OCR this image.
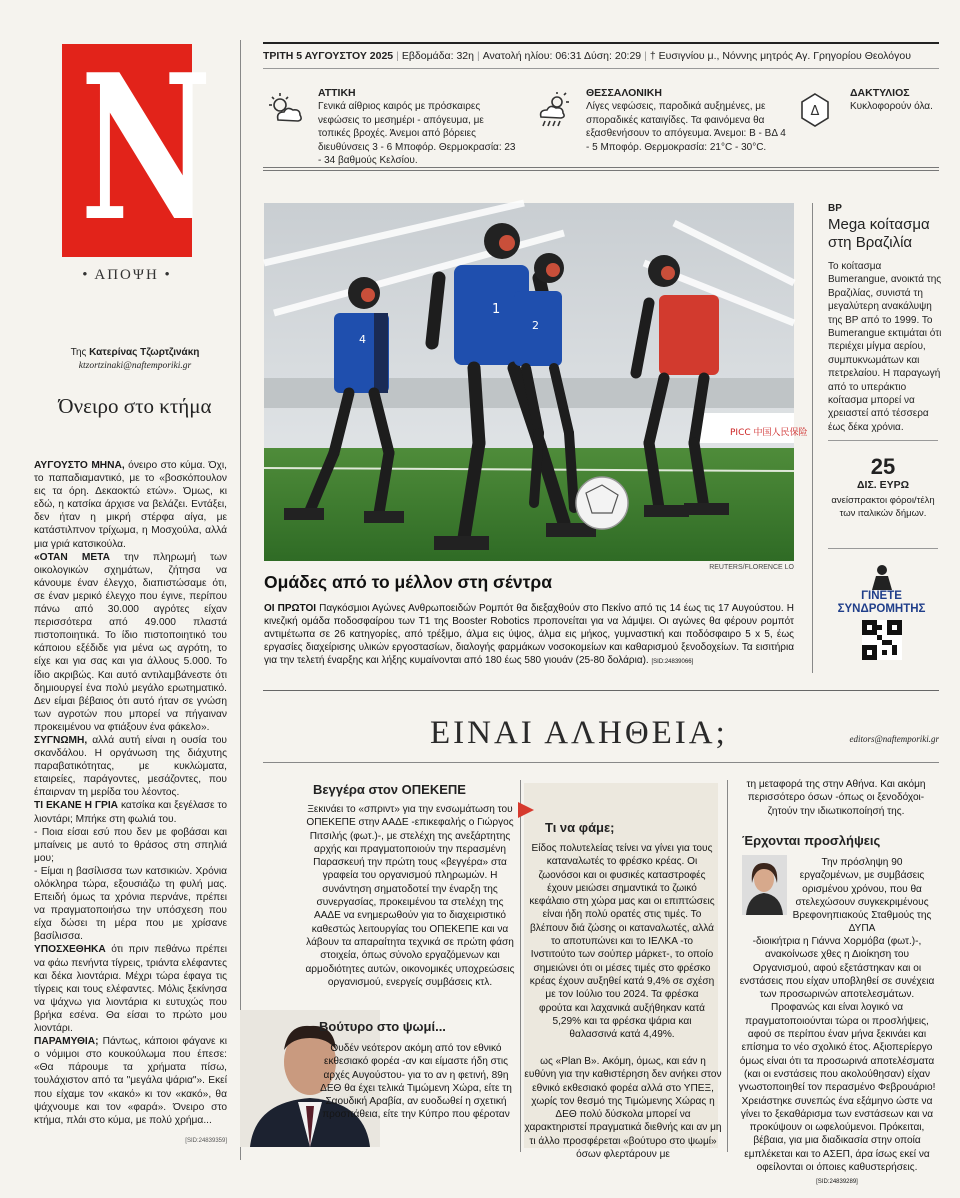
N
• ΑΠΟΨΗ •
Της Κατερίνας Τζωρτζινάκη
ktzortzinaki@naftemporiki.gr
Όνειρο στο κτήμα

ΑΥΓΟΥΣΤΟ ΜΗΝΑ, όνειρο στο κύμα. Όχι, το παπαδιαμαντικό, με το «βοσκόπουλον εις τα όρη. Δεκαοκτώ ετών». Όμως, κι εδώ, η κατσίκα άρχισε να βελάζει. Εντάξει, δεν ήταν η μικρή στέρφα αίγα, με κατάστιλπνον τρίχωμα, η Μοσχούλα, αλλά μια γριά κατσικούλα.

«ΟΤΑΝ ΜΕΤΑ την πληρωμή των οικολογικών σχημάτων, ζήτησα να κάνουμε έναν έλεγχο, διαπιστώσαμε ότι, σε έναν μερικό έλεγχο που έγινε, περίπου πάνω από 30.000 αγρότες είχαν περισσότερα από 49.000 πλαστά πιστοποιητικά. Το ίδιο πιστοποιητικό του κάποιου εξέδιδε για μένα ως αγρότη, το είχε και για σας και για άλλους 5.000. Το ίδιο ακριβώς. Και αυτό αντιλαμβάνεστε ότι δημιουργεί ένα πολύ μεγάλο ερωτηματικό. Δεν είμαι βέβαιος ότι αυτό ήταν σε γνώση των αγροτών που μπορεί να πήγαιναν προκειμένου να φτιάξουν ένα φάκελο».

ΣΥΓΝΩΜΗ, αλλά αυτή είναι η ουσία του σκανδάλου. Η οργάνωση της διάχυτης παραβατικότητας, με κυκλώματα, εταιρείες, παράγοντες, μεσάζοντες, που έπαιρναν τη μερίδα του λέοντος.

ΤΙ ΕΚΑΝΕ Η ΓΡΙΑ κατσίκα και ξεγέλασε το λιοντάρι; Μπήκε στη φωλιά του.

- Ποια είσαι εσύ που δεν με φοβάσαι και μπαίνεις με αυτό το θράσος στη σπηλιά μου;

- Είμαι η βασίλισσα των κατσικιών. Χρόνια ολόκληρα τώρα, εξουσιάζω τη φυλή μας. Επειδή όμως τα χρόνια περνάνε, πρέπει να πραγματοποιήσω την υπόσχεση που είχα δώσει τη μέρα που με χρίσανε βασίλισσα.

ΥΠΟΣΧΕΘΗΚΑ ότι πριν πεθάνω πρέπει να φάω πενήντα τίγρεις, τριάντα ελέφαντες και δέκα λιοντάρια. Μέχρι τώρα έφαγα τις τίγρεις και τους ελέφαντες. Μόλις ξεκίνησα να ψάχνω για λιοντάρια κι ευτυχώς που βρήκα εσένα. Θα είσαι το πρώτο μου λιοντάρι.

ΠΑΡΑΜΥΘΙΑ; Πάντως, κάποιοι φάγανε κι ο νόμιμοι στο κουκούλωμα που έπεσε: «Θα πάρουμε τα χρήματα πίσω, τουλάχιστον από τα "μεγάλα ψάρια"». Εκεί που είχαμε τον «κακό» κι τον «κακό», θα ψάχνουμε και τον «φαρά». Όνειρο στο κτήμα, πλάι στο κύμα, με πολύ χρήμα...

[SID:24839359]
ΤΡΙΤΗ 5 ΑΥΓΟΥΣΤΟΥ 2025 | Εβδομάδα: 32η | Ανατολή ηλίου: 06:31 Δύση: 20:29 | † Ευσιγνίου μ., Νόννης μητρός Αγ. Γρηγορίου Θεολόγου
ΑΤΤΙΚΗ
Γενικά αίθριος καιρός με πρόσκαιρες νεφώσεις το μεσημέρι - απόγευμα, με τοπικές βροχές. Άνεμοι από βόρειες διευθύνσεις 3 - 6 Μποφόρ. Θερμοκρασία: 23 - 34 βαθμούς Κελσίου.
ΘΕΣΣΑΛΟΝΙΚΗ
Λίγες νεφώσεις, παροδικά αυξημένες, με σποραδικές καταιγίδες. Τα φαινόμενα θα εξασθενήσουν το απόγευμα. Άνεμοι: Β - ΒΔ 4 - 5 Μποφόρ. Θερμοκρασία: 21°C - 30°C.
Δ
ΔΑΚΤΥΛΙΟΣ
Κυκλοφορούν όλα.
PICC 中国人民保险
4
1
2
REUTERS/FLORENCE LO
Ομάδες από το μέλλον στη σέντρα
ΟΙ ΠΡΩΤΟΙ Παγκόσμιοι Αγώνες Ανθρωποειδών Ρομπότ θα διεξαχθούν στο Πεκίνο από τις 14 έως τις 17 Αυγούστου. Η κινεζική ομάδα ποδοσφαίρου των T1 της Booster Robotics προπονείται για να λάμψει. Οι αγώνες θα φέρουν ρομπότ αντιμέτωπα σε 26 κατηγορίες, από τρέξιμο, άλμα εις ύψος, άλμα εις μήκος, γυμναστική και ποδόσφαιρο 5 x 5, έως εργασίες διαχείρισης υλικών εργοστασίων, διαλογής φαρμάκων νοσοκομείων και καθαρισμού ξενοδοχείων. Τα εισιτήρια για την τελετή έναρξης και λήξης κυμαίνονται από 180 έως 580 γιουάν (25-80 δολάρια). [SID:24839066]
BP
Mega κοίτασμα στη Βραζιλία
Το κοίτασμα Bumerangue, ανοικτά της Βραζιλίας, συνιστά τη μεγαλύτερη ανακάλυψη της BP από το 1999. Το Bumerangue εκτιμάται ότι περιέχει μίγμα αερίου, συμπυκνωμάτων και πετρελαίου. Η παραγωγή από το υπεράκτιο κοίτασμα μπορεί να χρειαστεί από τέσσερα έως δέκα χρόνια.
25
ΔΙΣ. ΕΥΡΩ
ανείσπρακτοι φόροι/τέλη των ιταλικών δήμων.
ΓΙΝΕΤΕ
ΣΥΝΔΡΟΜΗΤΗΣ
ΕΙΝΑΙ ΑΛΗΘΕΙΑ;	editors@naftemporiki.gr
Βεγγέρα στον ΟΠΕΚΕΠΕ
Ξεκινάει το «σπριντ» για την ενσωμάτωση του ΟΠΕΚΕΠΕ στην ΑΑΔΕ -επικεφαλής ο Γιώργος Πιτσιλής (φωτ.)-, με στελέχη της ανεξάρτητης αρχής και πραγματοποιούν την περασμένη Παρασκευή την πρώτη τους «βεγγέρα» στα γραφεία του οργανισμού πληρωμών. Η συνάντηση σηματοδοτεί την έναρξη της συνεργασίας, προκειμένου τα στελέχη της ΑΑΔΕ να ενημερωθούν για το διαχειριστικό καθεστώς λειτουργίας του ΟΠΕΚΕΠΕ και να λάβουν τα απαραίτητα τεχνικά σε πρώτη φάση στοιχεία, όπως σύνολο εργαζόμενων και αρμοδιότητες αυτών, οικονομικές υποχρεώσεις οργανισμού, ενεργείς συμβάσεις κτλ.
Βούτυρο στο ψωμί...
Ουδέν νεότερον ακόμη από τον εθνικό εκθεσιακό φορέα -αν και είμαστε ήδη στις αρχές Αυγούστου- για το αν η φετινή, 89η ΔΕΘ θα έχει τελικά Τιμώμενη Χώρα, είτε τη Σαουδική Αραβία, αν ευοδωθεί η σχετική προσπάθεια, είτε την Κύπρο που φέροταν
Τι να φάμε;
Είδος πολυτελείας τείνει να γίνει για τους καταναλωτές το φρέσκο κρέας. Οι ζωονόσοι και οι φυσικές καταστροφές έχουν μειώσει σημαντικά το ζωικό κεφάλαιο στη χώρα μας και οι επιπτώσεις είναι ήδη πολύ ορατές στις τιμές. Το βλέπουν διά ζώσης οι καταναλωτές, αλλά το αποτυπώνει και το ΙΕΛΚΑ -το Ινστιτούτο των σούπερ μάρκετ-, το οποίο σημειώνει ότι οι μέσες τιμές στο φρέσκο κρέας έχουν αυξηθεί κατά 9,4% σε σχέση με τον Ιούλιο του 2024. Τα φρέσκα φρούτα και λαχανικά αυξήθηκαν κατά 5,29% και τα φρέσκα ψάρια και θαλασσινά κατά 4,49%.
ως «Plan B». Ακόμη, όμως, και εάν η ευθύνη για την καθιστέρηση δεν ανήκει στον εθνικό εκθεσιακό φορέα αλλά στο ΥΠΕΞ, χωρίς τον θεσμό της Τιμώμενης Χώρας η ΔΕΘ πολύ δύσκολα μπορεί να χαρακτηριστεί πραγματικά διεθνής και αν μη τι άλλο προσφέρεται «βούτυρο στο ψωμί» όσων φλερτάρουν με
τη μεταφορά της στην Αθήνα. Και ακόμη περισσότερο όσων -όπως οι ξενοδόχοι- ζητούν την ιδιωτικοποίησή της.
Έρχονται προσλήψεις
Την πρόσληψη 90 εργαζομένων, με συμβάσεις ορισμένου χρόνου, που θα στελεχώσουν συγκεκριμένους Βρεφονηπιακούς Σταθμούς της ΔΥΠΑ
-διοικήτρια η Γιάννα Χορμόβα (φωτ.)-, ανακοίνωσε χθες η Διοίκηση του Οργανισμού, αφού εξετάστηκαν και οι ενστάσεις που είχαν υποβληθεί σε συνέχεια των προσωρινών αποτελεσμάτων. Προφανώς και είναι λογικό να πραγματοποιούνται τώρα οι προσλήψεις, αφού σε περίπου έναν μήνα ξεκινάει και επίσημα το νέο σχολικό έτος. Αξιοπερίεργο όμως είναι ότι τα προσωρινά αποτελέσματα (και οι ενστάσεις που ακολούθησαν) είχαν γνωστοποιηθεί τον περασμένο Φεβρουάριο! Χρειάστηκε συνεπώς ένα εξάμηνο ώστε να γίνει το ξεκαθάρισμα των ενστάσεων και να προκύψουν οι ωφελούμενοι. Πρόκειται, βέβαια, για μια διαδικασία στην οποία εμπλέκεται και το ΑΣΕΠ, άρα ίσως εκεί να οφείλονται οι όποιες καθυστερήσεις. [SID:24839289]
